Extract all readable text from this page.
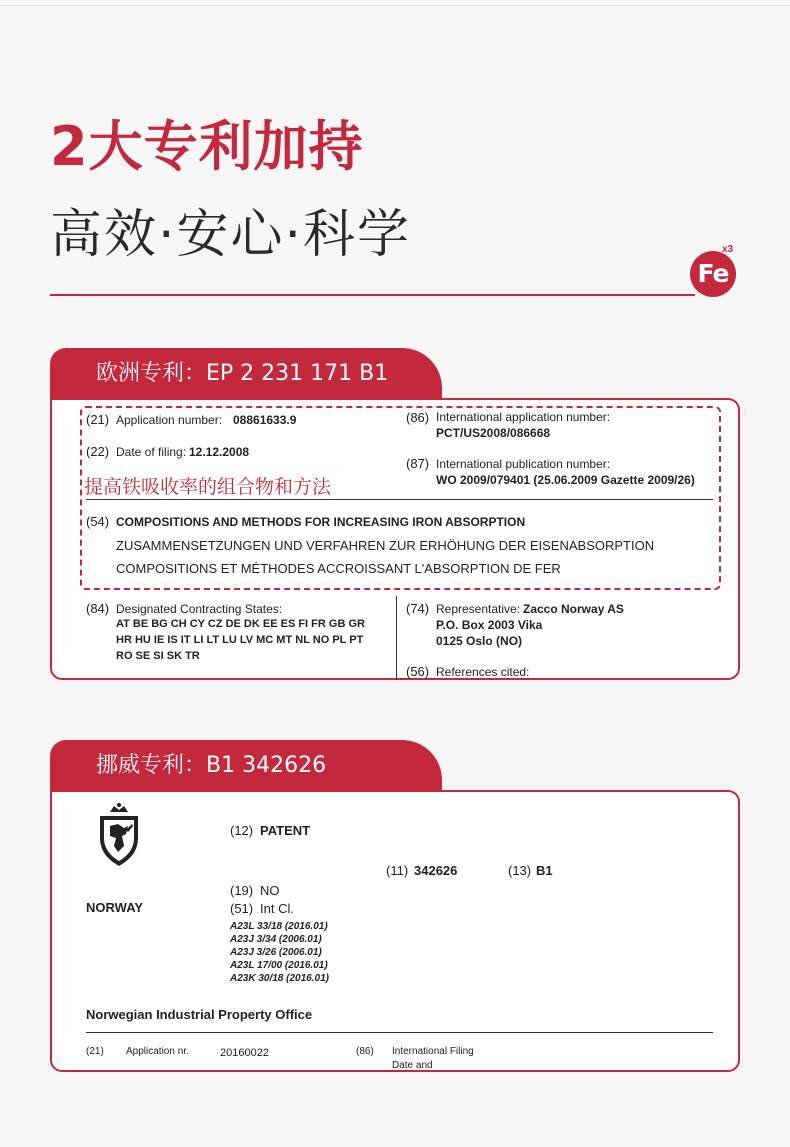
2大专利加持
高效·安心·科学
Fe
x3
欧洲专利：EP 2 231 171 B1
(21) Application number: 08861633.9
(22) Date of filing: 12.12.2008
提高铁吸收率的组合物和方法
(86) International application number:
PCT/US2008/086668
(87) International publication number:
WO 2009/079401 (25.06.2009 Gazette 2009/26)
(54) COMPOSITIONS AND METHODS FOR INCREASING IRON ABSORPTION
ZUSAMMENSETZUNGEN UND VERFAHREN ZUR ERHÖHUNG DER EISENABSORPTION
COMPOSITIONS ET MÉTHODES ACCROISSANT L'ABSORPTION DE FER
(84) Designated Contracting States:
AT BE BG CH CY CZ DE DK EE ES FI FR GB GR
HR HU IE IS IT LI LT LU LV MC MT NL NO PL PT
RO SE SI SK TR
(74) Representative: Zacco Norway AS
P.O. Box 2003 Vika
0125 Oslo (NO)
(56) References cited:
挪威专利：B1 342626
(12) PATENT
(11) 342626	(13) B1
(19) NO
NORWAY	(51) Int Cl.
A23L 33/18 (2016.01)
A23J 3/34 (2006.01)
A23J 3/26 (2006.01)
A23L 17/00 (2016.01)
A23K 30/18 (2016.01)
Norwegian Industrial Property Office
(21) Application nr.	20160022	(86) International Filing
Date and
